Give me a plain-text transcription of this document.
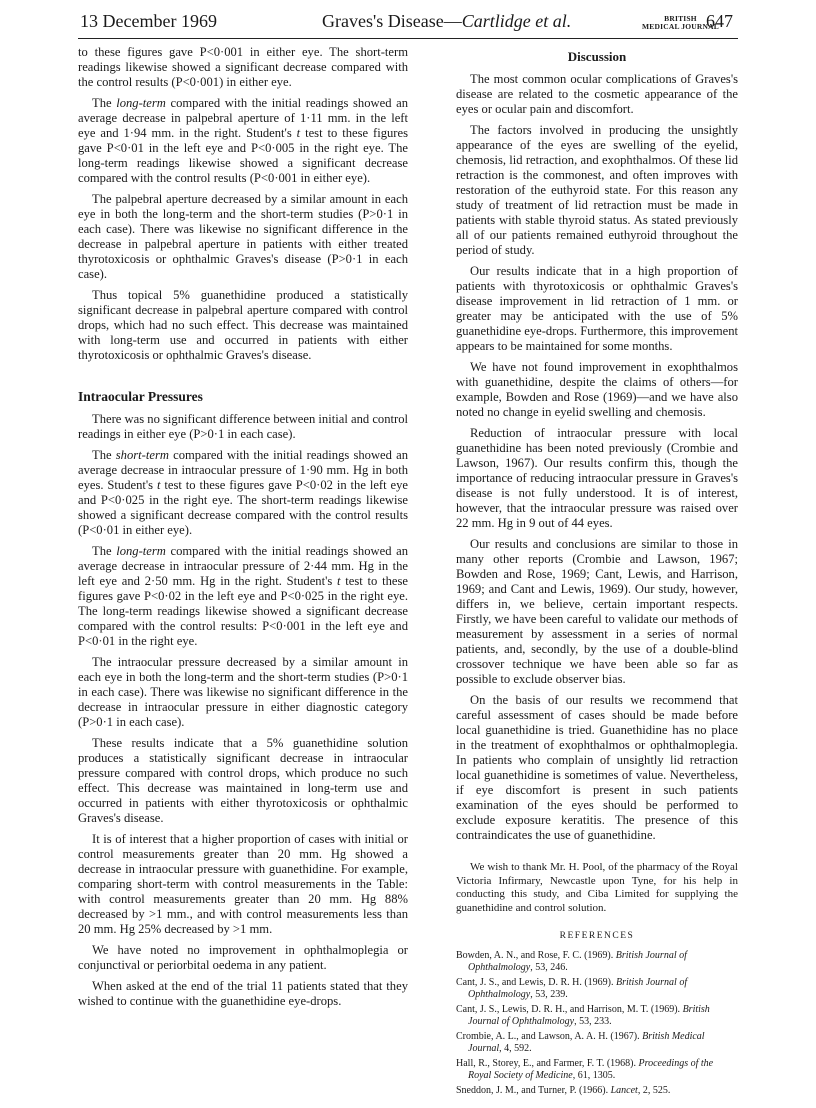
13 December 1969	Graves's Disease—Cartlidge et al.	BRITISH
MEDICAL JOURNAL
647

to these figures gave P<0·001 in either eye. The short-term readings likewise showed a significant decrease compared with the control results (P<0·001) in either eye.

The long-term compared with the initial readings showed an average decrease in palpebral aperture of 1·11 mm. in the left eye and 1·94 mm. in the right. Student's t test to these figures gave P<0·01 in the left eye and P<0·005 in the right eye. The long-term readings likewise showed a significant decrease compared with the control results (P<0·001 in either eye).

The palpebral aperture decreased by a similar amount in each eye in both the long-term and the short-term studies (P>0·1 in each case). There was likewise no significant difference in the decrease in palpebral aperture in patients with either treated thyrotoxicosis or ophthalmic Graves's disease (P>0·1 in each case).

Thus topical 5% guanethidine produced a statistically significant decrease in palpebral aperture compared with control drops, which had no such effect. This decrease was maintained with long-term use and occurred in patients with either thyrotoxicosis or ophthalmic Graves's disease.

Intraocular Pressures

There was no significant difference between initial and control readings in either eye (P>0·1 in each case).

The short-term compared with the initial readings showed an average decrease in intraocular pressure of 1·90 mm. Hg in both eyes. Student's t test to these figures gave P<0·02 in the left eye and P<0·025 in the right eye. The short-term readings likewise showed a significant decrease compared with the control results (P<0·01 in either eye).

The long-term compared with the initial readings showed an average decrease in intraocular pressure of 2·44 mm. Hg in the left eye and 2·50 mm. Hg in the right. Student's t test to these figures gave P<0·02 in the left eye and P<0·025 in the right eye. The long-term readings likewise showed a significant decrease compared with the control results: P<0·001 in the left eye and P<0·01 in the right eye.

The intraocular pressure decreased by a similar amount in each eye in both the long-term and the short-term studies (P>0·1 in each case). There was likewise no significant difference in the decrease in intraocular pressure in either diagnostic category (P>0·1 in each case).

These results indicate that a 5% guanethidine solution produces a statistically significant decrease in intraocular pressure compared with control drops, which produce no such effect. This decrease was maintained in long-term use and occurred in patients with either thyrotoxicosis or ophthalmic Graves's disease.

It is of interest that a higher proportion of cases with initial or control measurements greater than 20 mm. Hg showed a decrease in intraocular pressure with guanethidine. For example, comparing short-term with control measurements in the Table: with control measurements greater than 20 mm. Hg 88% decreased by >1 mm., and with control measurements less than 20 mm. Hg 25% decreased by >1 mm.

We have noted no improvement in ophthalmoplegia or conjunctival or periorbital oedema in any patient.

When asked at the end of the trial 11 patients stated that they wished to continue with the guanethidine eye-drops.

Discussion

The most common ocular complications of Graves's disease are related to the cosmetic appearance of the eyes or ocular pain and discomfort.

The factors involved in producing the unsightly appearance of the eyes are swelling of the eyelid, chemosis, lid retraction, and exophthalmos. Of these lid retraction is the commonest, and often improves with restoration of the euthyroid state. For this reason any study of treatment of lid retraction must be made in patients with stable thyroid status. As stated previously all of our patients remained euthyroid throughout the period of study.

Our results indicate that in a high proportion of patients with thyrotoxicosis or ophthalmic Graves's disease improvement in lid retraction of 1 mm. or greater may be anticipated with the use of 5% guanethidine eye-drops. Furthermore, this improvement appears to be maintained for some months.

We have not found improvement in exophthalmos with guanethidine, despite the claims of others—for example, Bowden and Rose (1969)—and we have also noted no change in eyelid swelling and chemosis.

Reduction of intraocular pressure with local guanethidine has been noted previously (Crombie and Lawson, 1967). Our results confirm this, though the importance of reducing intraocular pressure in Graves's disease is not fully understood. It is of interest, however, that the intraocular pressure was raised over 22 mm. Hg in 9 out of 44 eyes.

Our results and conclusions are similar to those in many other reports (Crombie and Lawson, 1967; Bowden and Rose, 1969; Cant, Lewis, and Harrison, 1969; and Cant and Lewis, 1969). Our study, however, differs in, we believe, certain important respects. Firstly, we have been careful to validate our methods of measurement by assessment in a series of normal patients, and, secondly, by the use of a double-blind crossover technique we have been able so far as possible to exclude observer bias.

On the basis of our results we recommend that careful assessment of cases should be made before local guanethidine is tried. Guanethidine has no place in the treatment of exophthalmos or ophthalmoplegia. In patients who complain of unsightly lid retraction local guanethidine is sometimes of value. Nevertheless, if eye discomfort is present in such patients examination of the eyes should be performed to exclude exposure keratitis. The presence of this contraindicates the use of guanethidine.

We wish to thank Mr. H. Pool, of the pharmacy of the Royal Victoria Infirmary, Newcastle upon Tyne, for his help in conducting this study, and Ciba Limited for supplying the guanethidine and control solution.

REFERENCES

Bowden, A. N., and Rose, F. C. (1969). British Journal of Ophthalmology, 53, 246.

Cant, J. S., and Lewis, D. R. H. (1969). British Journal of Ophthalmology, 53, 239.

Cant, J. S., Lewis, D. R. H., and Harrison, M. T. (1969). British Journal of Ophthalmology, 53, 233.

Crombie, A. L., and Lawson, A. A. H. (1967). British Medical Journal, 4, 592.

Hall, R., Storey, E., and Farmer, F. T. (1968). Proceedings of the Royal Society of Medicine, 61, 1305.

Sneddon, J. M., and Turner, P. (1966). Lancet, 2, 525.
